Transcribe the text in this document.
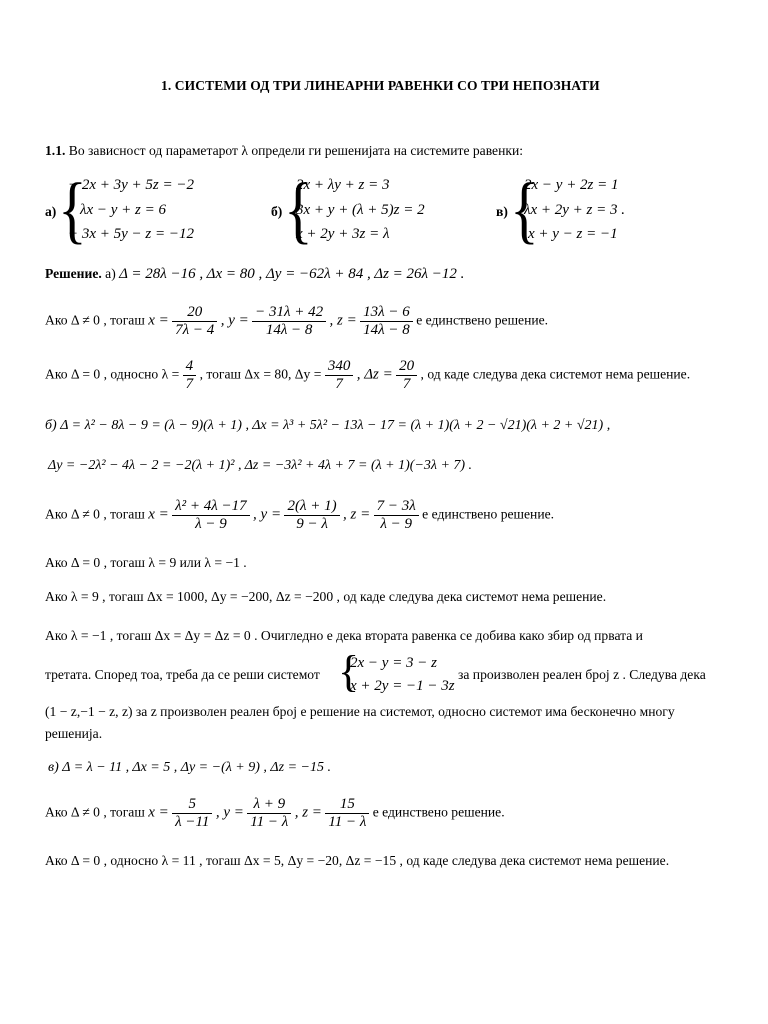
1. СИСТЕМИ ОД ТРИ ЛИНЕАРНИ РАВЕНКИ СО ТРИ НЕПОЗНАТИ
1.1. Во зависност од параметарот λ определи ги решенијата на системите равенки:
а) {
− 2x + 3y + 5z = −2
λx − y + z = 6
− 3x + 5y − z = −12
б) {
2x + λy + z = 3
3x + y + (λ + 5)z = 2
x + 2y + 3z = λ
в) {
2x − y + 2z = 1
λx + 2y + z = 3 .
x + y − z = −1
Решение. а) Δ = 28λ −16 , Δx = 80 , Δy = −62λ + 84 , Δz = 26λ −12 .
Ако Δ ≠ 0 , тогаш $x = \frac{20}{7\lambda - 4}$ , $y = \frac{- 31\lambda + 42}{14\lambda - 8}$ , $z = \frac{13\lambda - 6}{14\lambda - 8}$ е единствено решение.
Ако Δ = 0 , односно $\lambda = \frac{4}{7}$ , тогаш Δx = 80, $\Delta y = \frac{340}{7}$ , $\Delta z = \frac{20}{7}$ , од каде следува дека системот нема решение.
б) Δ = λ² − 8λ − 9 = (λ − 9)(λ + 1) , Δx = λ³ + 5λ² − 13λ − 17 = (λ + 1)(λ + 2 − √21)(λ + 2 + √21) ,
Δy = −2λ² − 4λ − 2 = −2(λ + 1)² , Δz = −3λ² + 4λ + 7 = (λ + 1)(−3λ + 7) .
Ако Δ ≠ 0 , тогаш $x = \frac{\text{λ² + 4λ −17}}{\lambda - 9}$ , $y = \frac{2(\lambda + 1)}{9 - \lambda}$ , $z = \frac{7 - 3\lambda}{\lambda - 9}$ е единствено решение.
Ако Δ = 0 , тогаш λ = 9 или λ = −1 .
Ако λ = 9 , тогаш Δx = 1000, Δy = −200, Δz = −200 , од каде следува дека системот нема решение.
Ако λ = −1 , тогаш Δx = Δy = Δz = 0 . Очигледно е дека втората равенка се добива како збир од првата и
третата. Според тоа, треба да се реши системот {
2x − y = 3 − z
x + 2y = −1 − 3z
за произволен реален број z . Следува дека
(1 − z,−1 − z, z) за z произволен реален број е решение на системот, односно системот има бесконечно многу
решенија.
в) Δ = λ − 11 , Δx = 5 , Δy = −(λ + 9) , Δz = −15 .
Ако Δ ≠ 0 , тогаш $x = \frac{5}{\lambda -11}$ , $y = \frac{\lambda + 9}{11 - \lambda}$ , $z = \frac{15}{11 - \lambda}$ е единствено решение.
Ако Δ = 0 , односно λ = 11 , тогаш Δx = 5, Δy = −20, Δz = −15 , од каде следува дека системот нема решение.
